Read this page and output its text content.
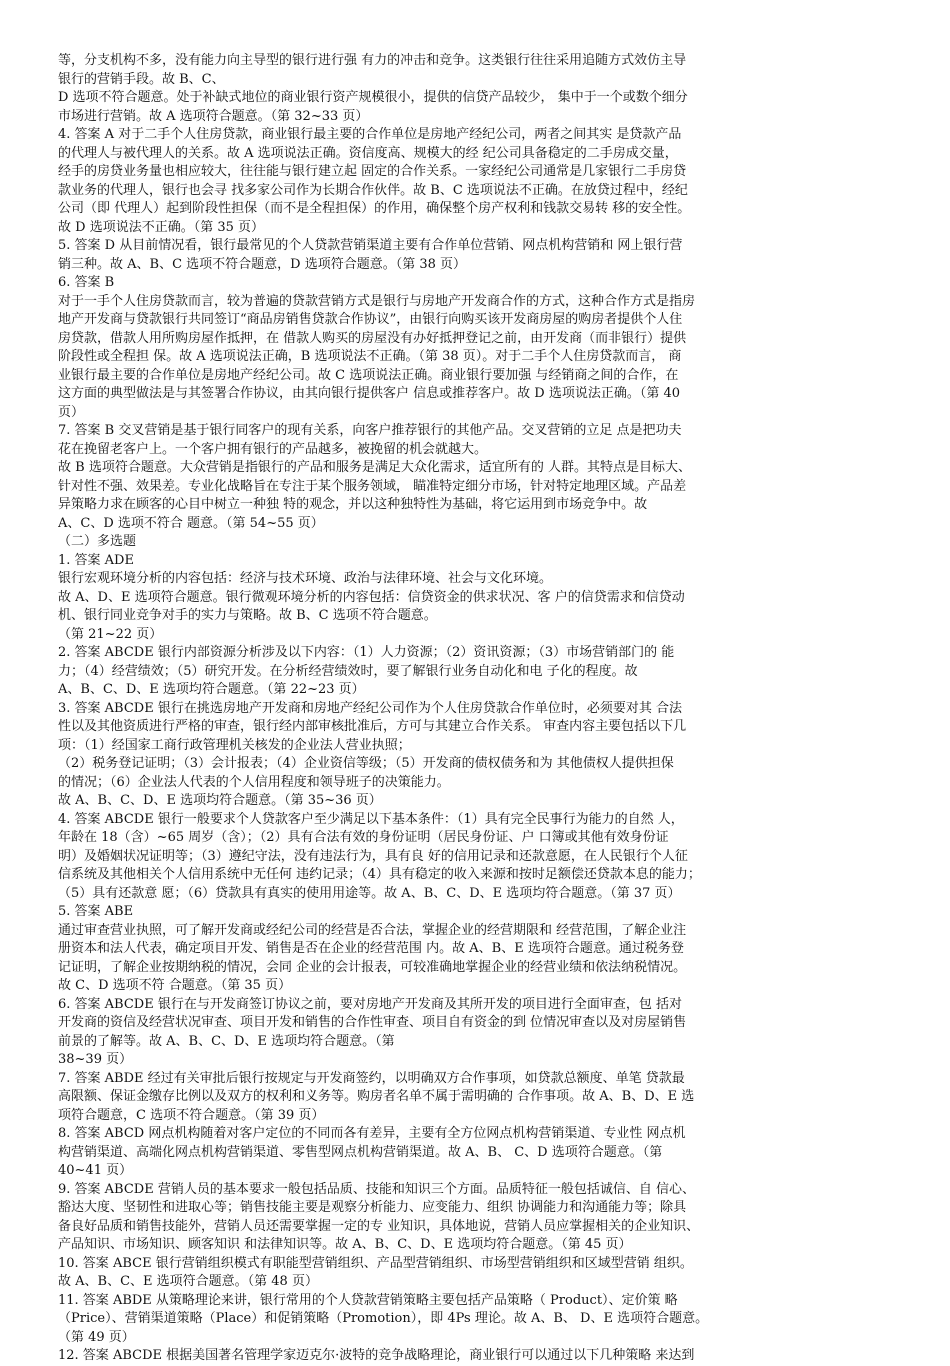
等，分支机构不多，没有能力向主导型的银行进行强 有力的冲击和竞争。这类银行往往采用追随方式效仿主导
银行的营销手段。故 B、C、
D 选项不符合题意。处于补缺式地位的商业银行资产规模很小，提供的信贷产品较少， 集中于一个或数个细分
市场进行营销。故 A 选项符合题意。（第 32~33 页）
4. 答案 A 对于二手个人住房贷款，商业银行最主要的合作单位是房地产经纪公司，两者之间其实 是贷款产品
的代理人与被代理人的关系。故 A 选项说法正确。资信度高、规模大的经 纪公司具备稳定的二手房成交量，
经手的房贷业务量也相应较大，往往能与银行建立起 固定的合作关系。一家经纪公司通常是几家银行二手房贷
款业务的代理人，银行也会寻 找多家公司作为长期合作伙伴。故 B、C 选项说法不正确。在放贷过程中，经纪
公司（即 代理人）起到阶段性担保（而不是全程担保）的作用，确保整个房产权利和钱款交易转 移的安全性。
故 D 选项说法不正确。（第 35 页）
5. 答案 D 从目前情况看，银行最常见的个人贷款营销渠道主要有合作单位营销、网点机构营销和 网上银行营
销三种。故 A、B、C 选项不符合题意，D 选项符合题意。（第 38 页）
6. 答案 B
对于一手个人住房贷款而言，较为普遍的贷款营销方式是银行与房地产开发商合作的方式，这种合作方式是指房
地产开发商与贷款银行共同签订“商品房销售贷款合作协议”，由银行向购买该开发商房屋的购房者提供个人住
房贷款，借款人用所购房屋作抵押，在 借款人购买的房屋没有办好抵押登记之前，由开发商（而非银行）提供
阶段性或全程担 保。故 A 选项说法正确，B 选项说法不正确。（第 38 页）。对于二手个人住房贷款而言， 商
业银行最主要的合作单位是房地产经纪公司。故 C 选项说法正确。商业银行要加强 与经销商之间的合作，在
这方面的典型做法是与其签署合作协议，由其向银行提供客户 信息或推荐客户。故 D 选项说法正确。（第 40
页）
7. 答案 B 交叉营销是基于银行同客户的现有关系，向客户推荐银行的其他产品。交叉营销的立足 点是把功夫
花在挽留老客户上。一个客户拥有银行的产品越多，被挽留的机会就越大。
故 B 选项符合题意。大众营销是指银行的产品和服务是满足大众化需求，适宜所有的 人群。其特点是目标大、
针对性不强、效果差。专业化战略旨在专注于某个服务领域， 瞄准特定细分市场，针对特定地理区域。产品差
异策略力求在顾客的心目中树立一种独 特的观念，并以这种独特性为基础，将它运用到市场竞争中。故
A、C、D 选项不符合 题意。（第 54~55 页）
（二）多选题
1. 答案 ADE
银行宏观环境分析的内容包括：经济与技术环境、政治与法律环境、社会与文化环境。
故 A、D、E 选项符合题意。银行微观环境分析的内容包括：信贷资金的供求状况、客 户的信贷需求和信贷动
机、银行同业竞争对手的实力与策略。故 B、C 选项不符合题意。
（第 21~22 页）
2. 答案 ABCDE 银行内部资源分析涉及以下内容：（1）人力资源；（2）资讯资源；（3）市场营销部门的 能
力；（4）经营绩效；（5）研究开发。在分析经营绩效时，要了解银行业务自动化和电 子化的程度。故
A、B、C、D、E 选项均符合题意。（第 22~23 页）
3. 答案 ABCDE 银行在挑选房地产开发商和房地产经纪公司作为个人住房贷款合作单位时，必须要对其 合法
性以及其他资质进行严格的审查，银行经内部审核批准后，方可与其建立合作关系。 审查内容主要包括以下几
项：（1）经国家工商行政管理机关核发的企业法人营业执照；
（2）税务登记证明；（3）会计报表；（4）企业资信等级；（5）开发商的债权债务和为 其他债权人提供担保
的情况；（6）企业法人代表的个人信用程度和领导班子的决策能力。
故 A、B、C、D、E 选项均符合题意。（第 35~36 页）
4. 答案 ABCDE 银行一般要求个人贷款客户至少满足以下基本条件：（1）具有完全民事行为能力的自然 人，
年龄在 18（含）~65 周岁（含）；（2）具有合法有效的身份证明（居民身份证、户 口簿或其他有效身份证
明）及婚姻状况证明等；（3）遵纪守法，没有违法行为，具有良 好的信用记录和还款意愿，在人民银行个人征
信系统及其他相关个人信用系统中无任何 违约记录；（4）具有稳定的收入来源和按时足额偿还贷款本息的能力；
（5）具有还款意 愿；（6）贷款具有真实的使用用途等。故 A、B、C、D、E 选项均符合题意。（第 37 页）
5. 答案 ABE
通过审查营业执照，可了解开发商或经纪公司的经营是否合法，掌握企业的经营期限和 经营范围，了解企业注
册资本和法人代表，确定项目开发、销售是否在企业的经营范围 内。故 A、B、E 选项符合题意。通过税务登
记证明，了解企业按期纳税的情况，会同 企业的会计报表，可较准确地掌握企业的经营业绩和依法纳税情况。
故 C、D 选项不符 合题意。（第 35 页）
6. 答案 ABCDE 银行在与开发商签订协议之前，要对房地产开发商及其所开发的项目进行全面审查，包 括对
开发商的资信及经营状况审查、项目开发和销售的合作性审查、项目自有资金的到 位情况审查以及对房屋销售
前景的了解等。故 A、B、C、D、E 选项均符合题意。（第
38~39 页）
7. 答案 ABDE 经过有关审批后银行按规定与开发商签约，以明确双方合作事项，如贷款总额度、单笔 贷款最
高限额、保证金缴存比例以及双方的权利和义务等。购房者名单不属于需明确的 合作事项。故 A、B、D、E 选
项符合题意，C 选项不符合题意。（第 39 页）
8. 答案 ABCD 网点机构随着对客户定位的不同而各有差异，主要有全方位网点机构营销渠道、专业性 网点机
构营销渠道、高端化网点机构营销渠道、零售型网点机构营销渠道。故 A、B、 C、D 选项符合题意。（第
40~41 页）
9. 答案 ABCDE 营销人员的基本要求一般包括品质、技能和知识三个方面。品质特征一般包括诚信、自 信心、
豁达大度、坚韧性和进取心等；销售技能主要是观察分析能力、应变能力、组织 协调能力和沟通能力等；除具
备良好品质和销售技能外，营销人员还需要掌握一定的专 业知识，具体地说，营销人员应掌握相关的企业知识、
产品知识、市场知识、顾客知识 和法律知识等。故 A、B、C、D、E 选项均符合题意。（第 45 页）
10. 答案 ABCE 银行营销组织模式有职能型营销组织、产品型营销组织、市场型营销组织和区域型营销 组织。
故 A、B、C、E 选项符合题意。（第 48 页）
11. 答案 ABDE 从策略理论来讲，银行常用的个人贷款营销策略主要包括产品策略（ Product）、定价策 略
（Price）、营销渠道策略（Place）和促销策略（Promotion），即 4Ps 理论。故 A、B、 D、E 选项符合题意。
（第 49 页）
12. 答案 ABCDE 根据美国著名管理学家迈克尔·波特的竞争战略理论，商业银行可以通过以下几种策略 来达到
